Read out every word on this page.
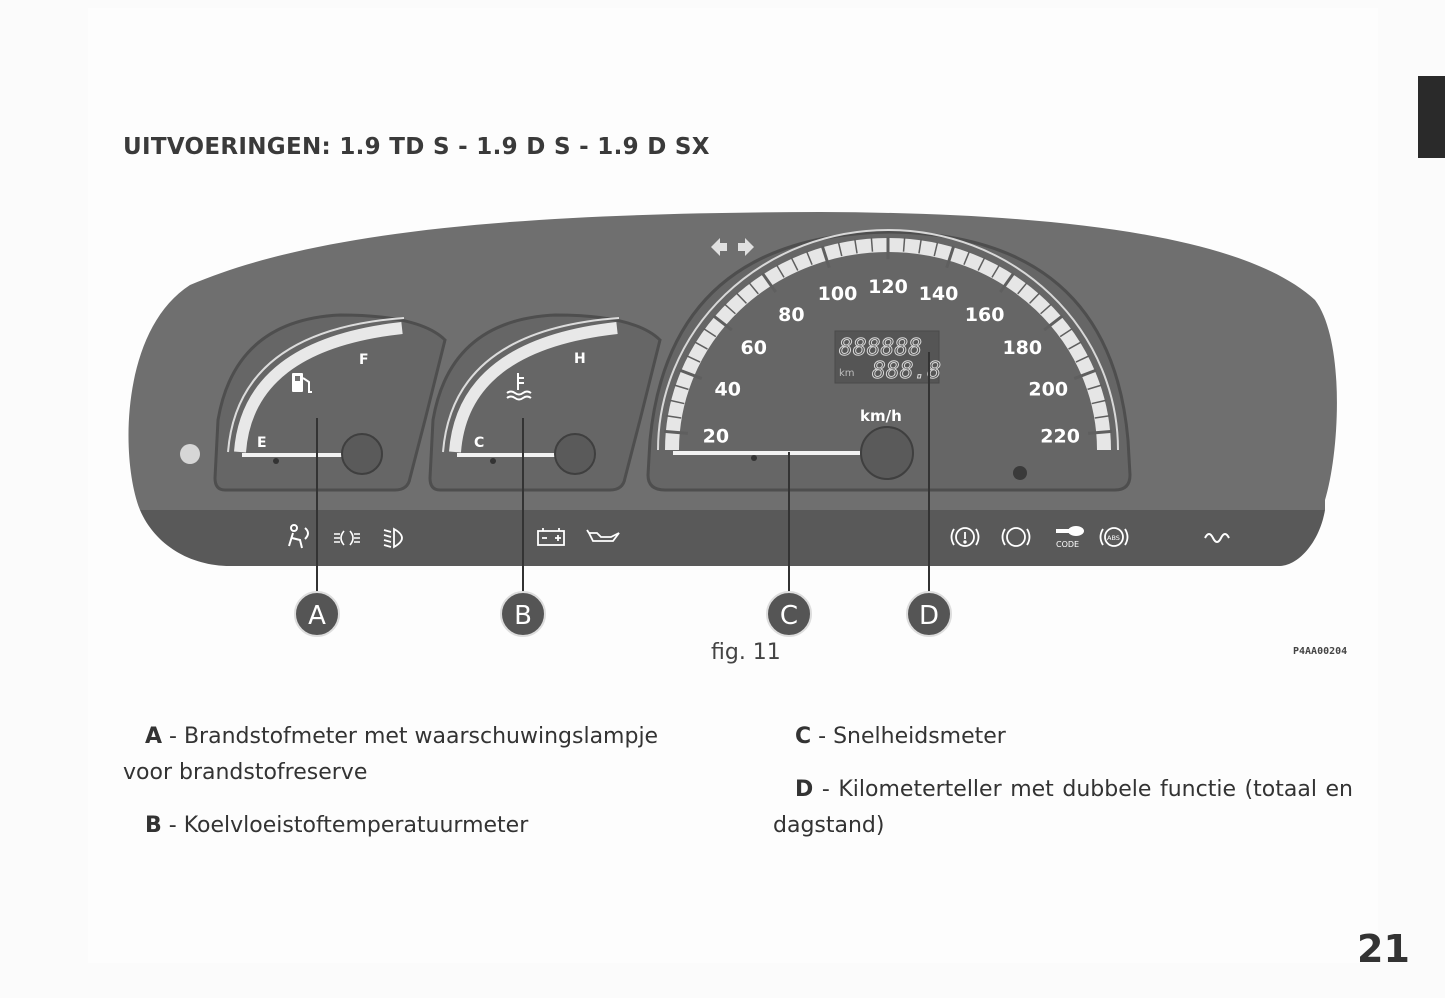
UITVOERINGEN: 1.9 TD S - 1.9 D S - 1.9 D SX
E
F
C
H
20
40
60
80
100 120 140
160
180
200
220
km/h
888888
888.8
km
CODE
ABS
A	B	C	D
fig. 11	P4AA00204
A - Brandstofmeter met waarschuwingslampje voor brandstofreserve
B - Koelvloeistoftemperatuurmeter
C - Snelheidsmeter
D - Kilometerteller met dubbele functie (totaal en dagstand)
21
